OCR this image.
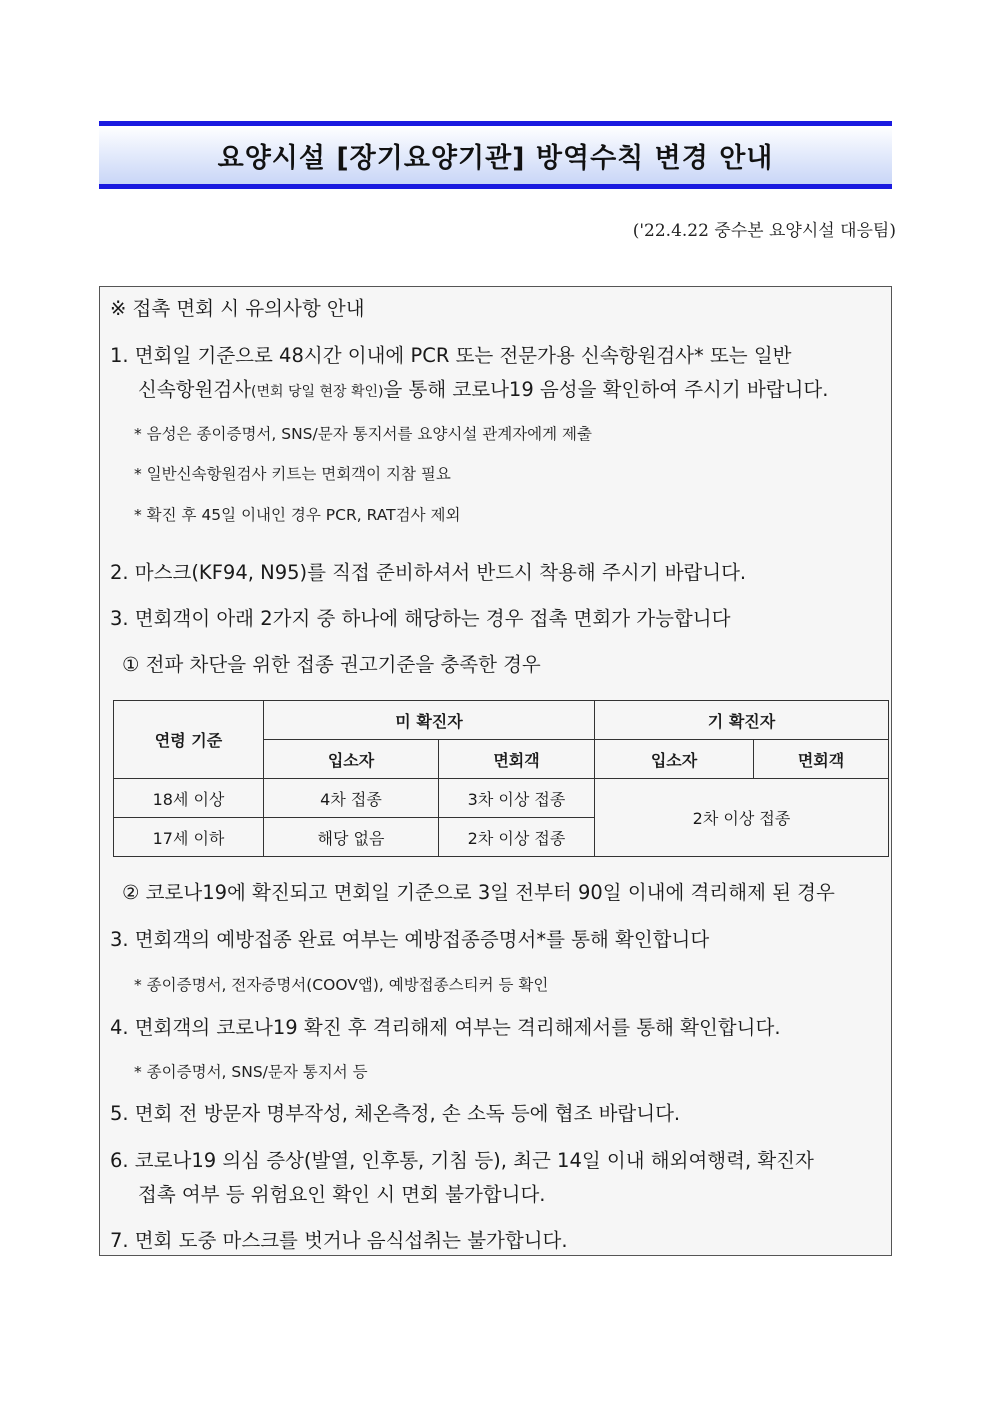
요양시설 [장기요양기관] 방역수칙 변경 안내
('22.4.22 중수본 요양시설 대응팀)
※ 접촉 면회 시 유의사항 안내
1. 면회일 기준으로 48시간 이내에 PCR 또는 전문가용 신속항원검사* 또는 일반
신속항원검사(면회 당일 현장 확인)을 통해 코로나19 음성을 확인하여 주시기 바랍니다.
* 음성은 종이증명서, SNS/문자 통지서를 요양시설 관계자에게 제출
* 일반신속항원검사 키트는 면회객이 지참 필요
* 확진 후 45일 이내인 경우 PCR, RAT검사 제외
2. 마스크(KF94, N95)를 직접 준비하셔서 반드시 착용해 주시기 바랍니다.
3. 면회객이 아래 2가지 중 하나에 해당하는 경우 접촉 면회가 가능합니다
① 전파 차단을 위한 접종 권고기준을 충족한 경우
연령 기준	미 확진자		기 확진자	
	입소자	면회객	입소자	면회객
18세 이상	4차 접종	3차 이상 접종	2차 이상 접종	
17세 이하	해당 없음	2차 이상 접종		
② 코로나19에 확진되고 면회일 기준으로 3일 전부터 90일 이내에 격리해제 된 경우
3. 면회객의 예방접종 완료 여부는 예방접종증명서*를 통해 확인합니다
* 종이증명서, 전자증명서(COOV앱), 예방접종스티커 등 확인
4. 면회객의 코로나19 확진 후 격리해제 여부는 격리해제서를 통해 확인합니다.
* 종이증명서, SNS/문자 통지서 등
5. 면회 전 방문자 명부작성, 체온측정, 손 소독 등에 협조 바랍니다.
6. 코로나19 의심 증상(발열, 인후통, 기침 등), 최근 14일 이내 해외여행력, 확진자
접촉 여부 등 위험요인 확인 시 면회 불가합니다.
7. 면회 도중 마스크를 벗거나 음식섭취는 불가합니다.
